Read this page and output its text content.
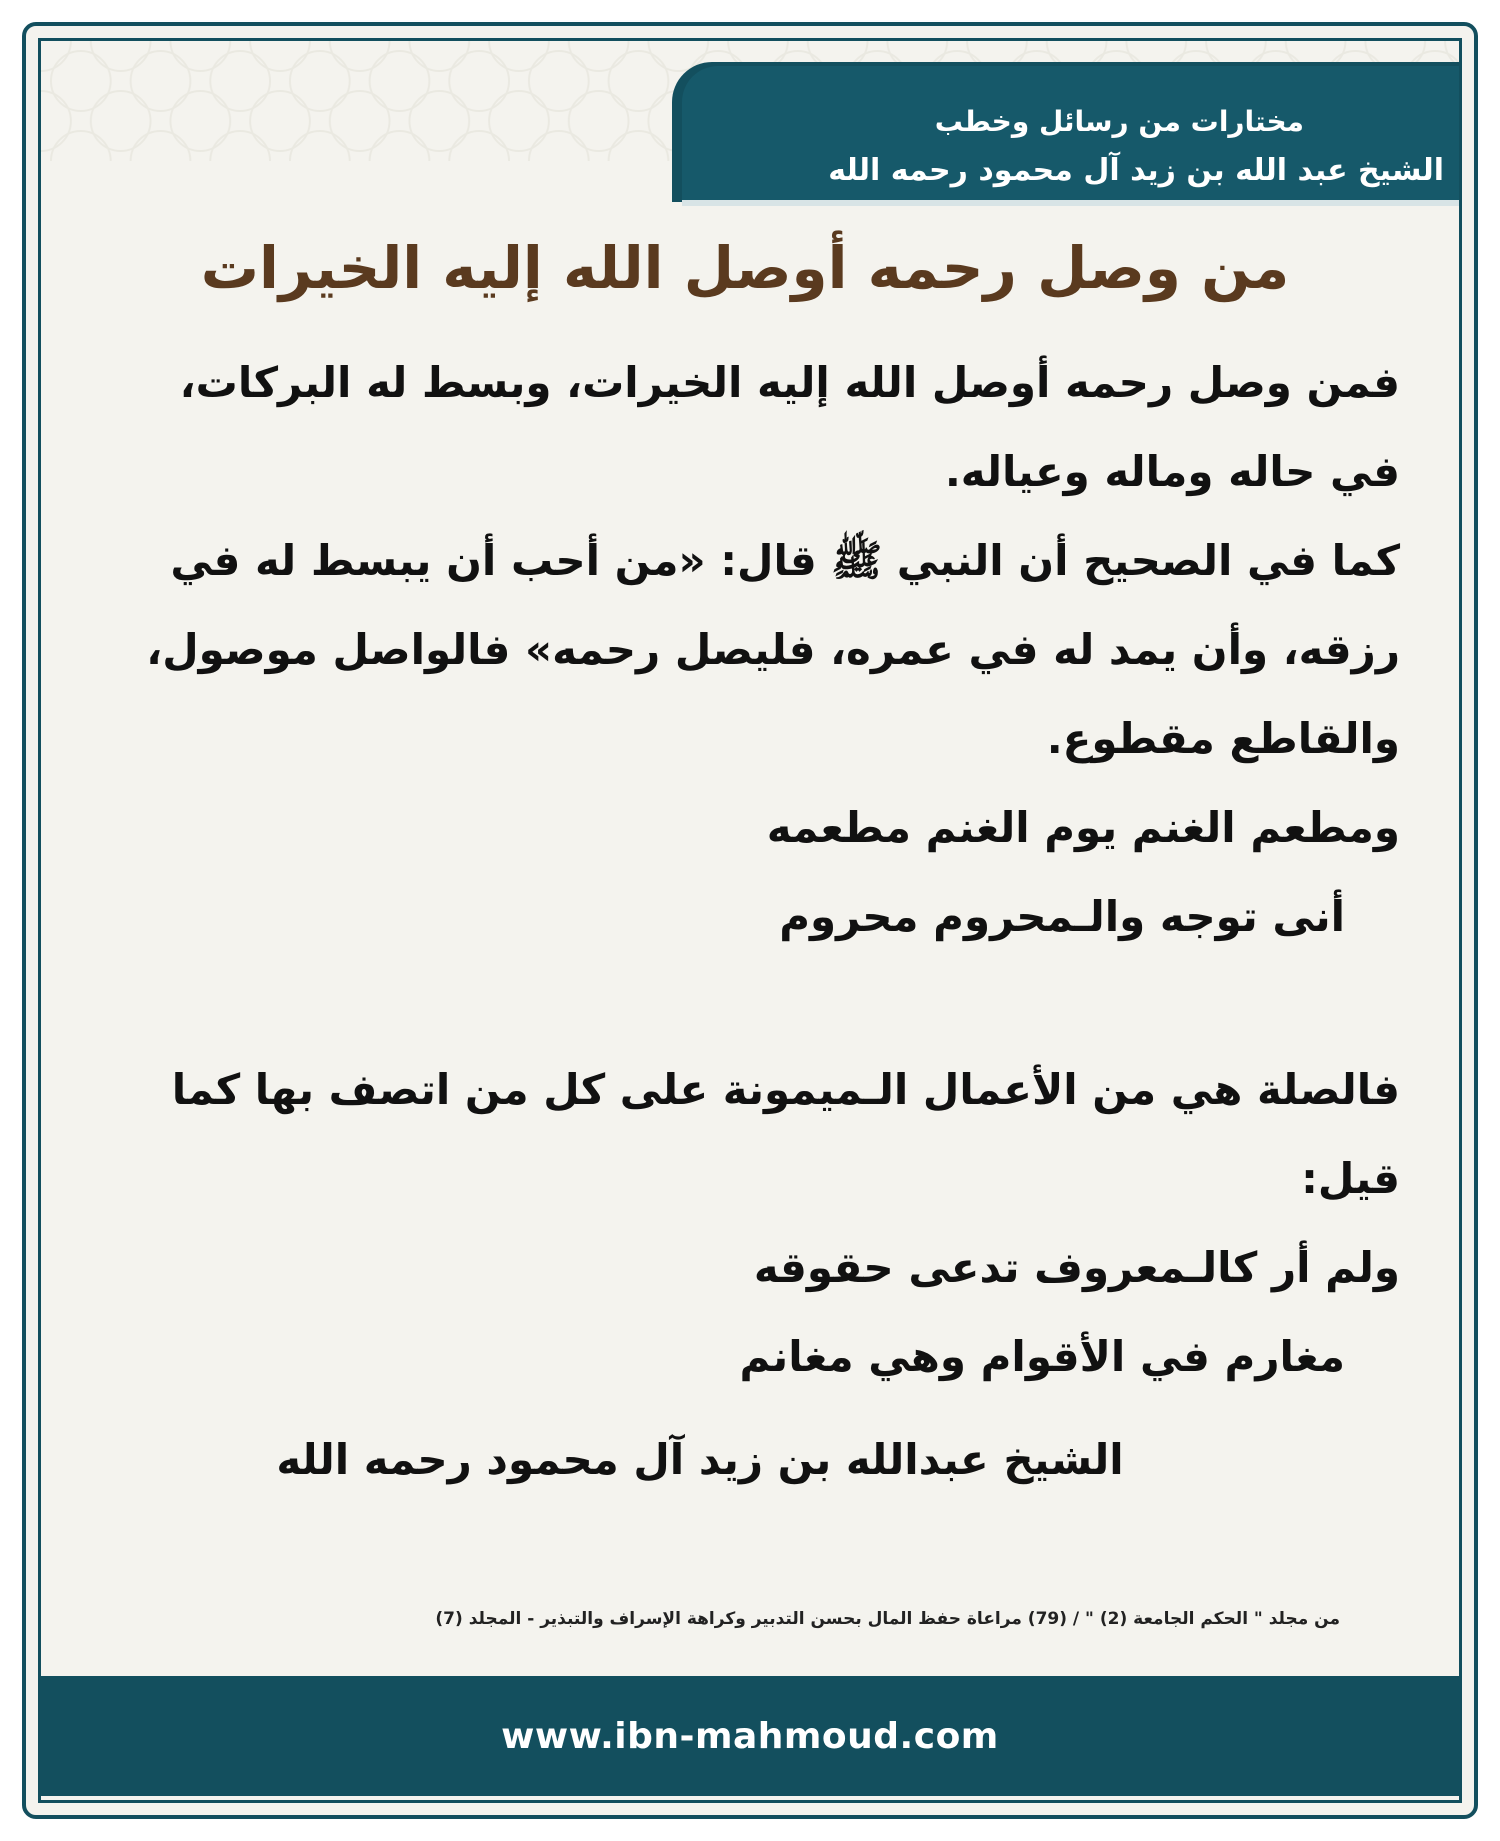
مختارات من رسائل وخطب
الشيخ عبد الله بن زيد آل محمود رحمه الله
من وصل رحمه أوصل الله إليه الخيرات

فمن وصل رحمه أوصل الله إليه الخيرات، وبسط له البركات، في حاله وماله وعياله.

كما في الصحيح أن النبي ﷺ قال: «من أحب أن يبسط له في رزقه، وأن يمد له في عمره، فليصل رحمه» فالواصل موصول، والقاطع مقطوع.

ومطعم الغنم يوم الغنم مطعمه

أنى توجه والـمحروم محروم

فالصلة هي من الأعمال الـميمونة على كل من اتصف بها كما قيل:

ولم أر كالـمعروف تدعى حقوقه

مغارم في الأقوام وهي مغانم

الشيخ عبدالله بن زيد آل محمود رحمه الله
من مجلد " الحكم الجامعة (2) " / (79) مراعاة حفظ المال بحسن التدبير وكراهة الإسراف والتبذير - المجلد (7)
www.ibn-mahmoud.com
